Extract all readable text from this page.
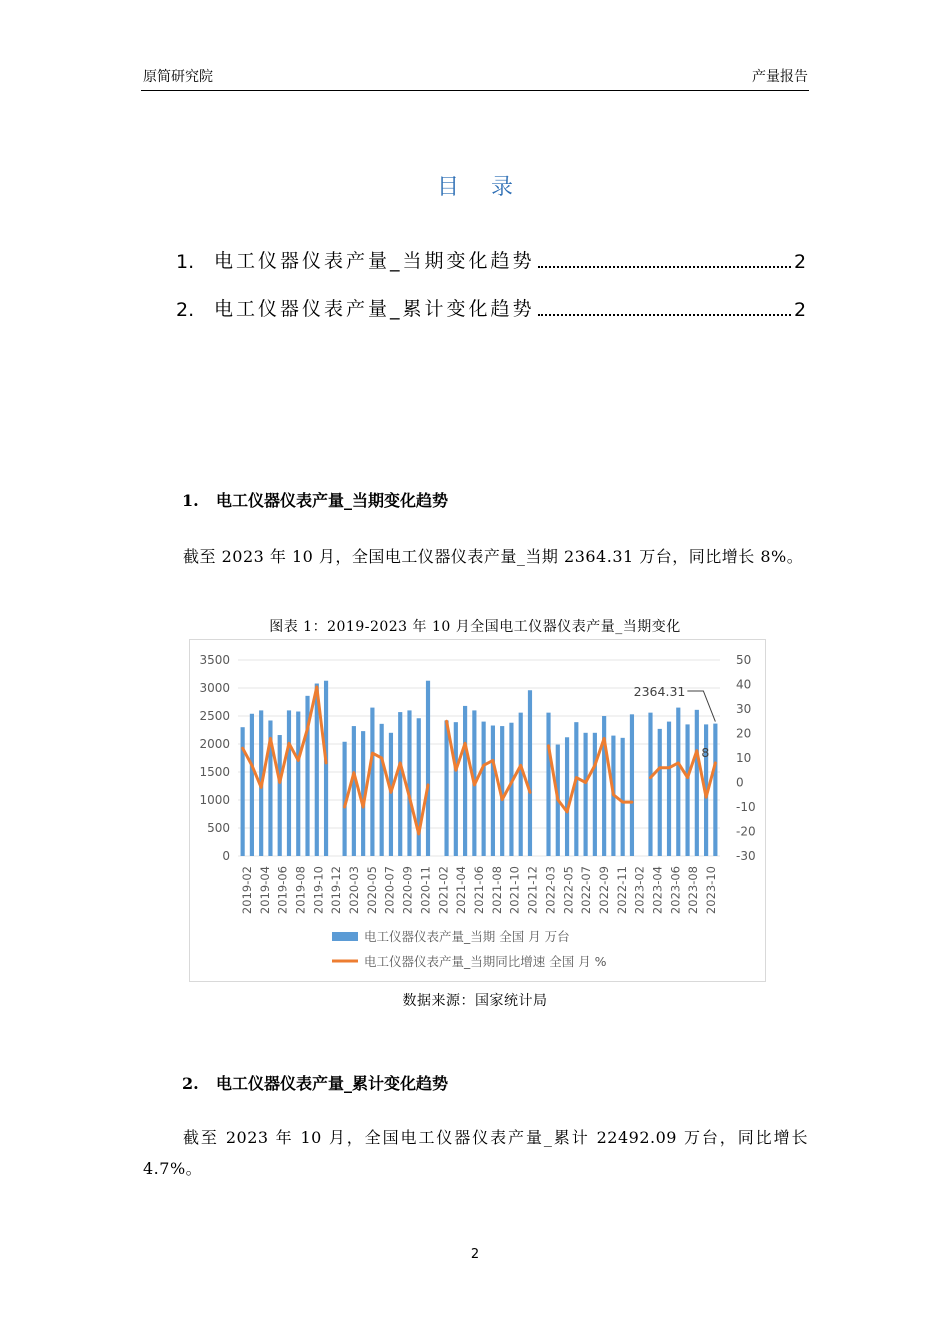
原简研究院	产量报告
目录
1.	电工仪器仪表产量_当期变化趋势	2
2.	电工仪器仪表产量_累计变化趋势	2
1. 电工仪器仪表产量_当期变化趋势
截至 2023 年 10 月，全国电工仪器仪表产量_当期 2364.31 万台，同比增长 8%。
图表 1：2019-2023 年 10 月全国电工仪器仪表产量_当期变化
0
500
1000
1500
2000
2500
3000
3500
-30
-20
-10
0
10
20
30
40
50
2019-02 2019-04 2019-06 2019-08 2019-10 2019-12 2020-03 2020-05 2020-07 2020-09 2020-11 2021-02 2021-04 2021-06 2021-08 2021-10 2021-12 2022-03 2022-05 2022-07 2022-09 2022-11 2023-02 2023-04 2023-06 2023-08 2023-10
2364.31
8
电工仪器仪表产量_当期 全国 月 万台
电工仪器仪表产量_当期同比增速 全国 月 %
数据来源：国家统计局
2. 电工仪器仪表产量_累计变化趋势
截至 2023 年 10 月，全国电工仪器仪表产量_累计 22492.09 万台，同比增长 4.7%。
2
